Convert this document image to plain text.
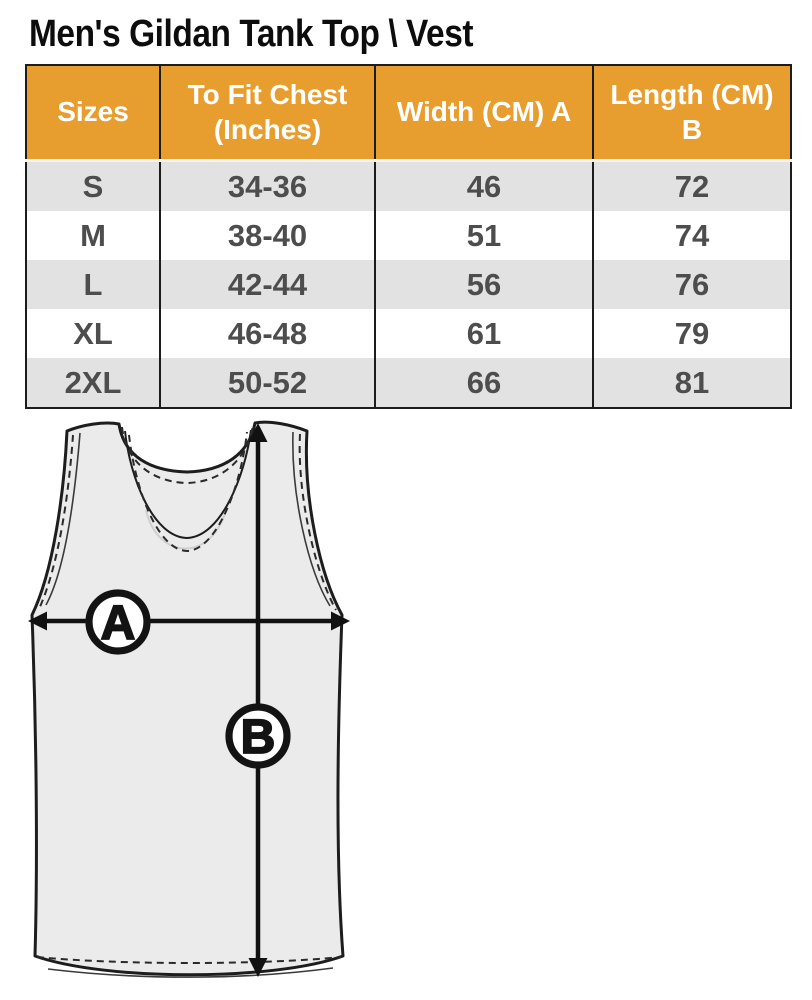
Men's Gildan Tank Top \ Vest
Sizes	To Fit Chest (Inches)	Width (CM) A	Length (CM) B
S	34-36	46	72
M	38-40	51	74
L	42-44	56	76
XL	46-48	61	79
2XL	50-52	66	81
A
B
